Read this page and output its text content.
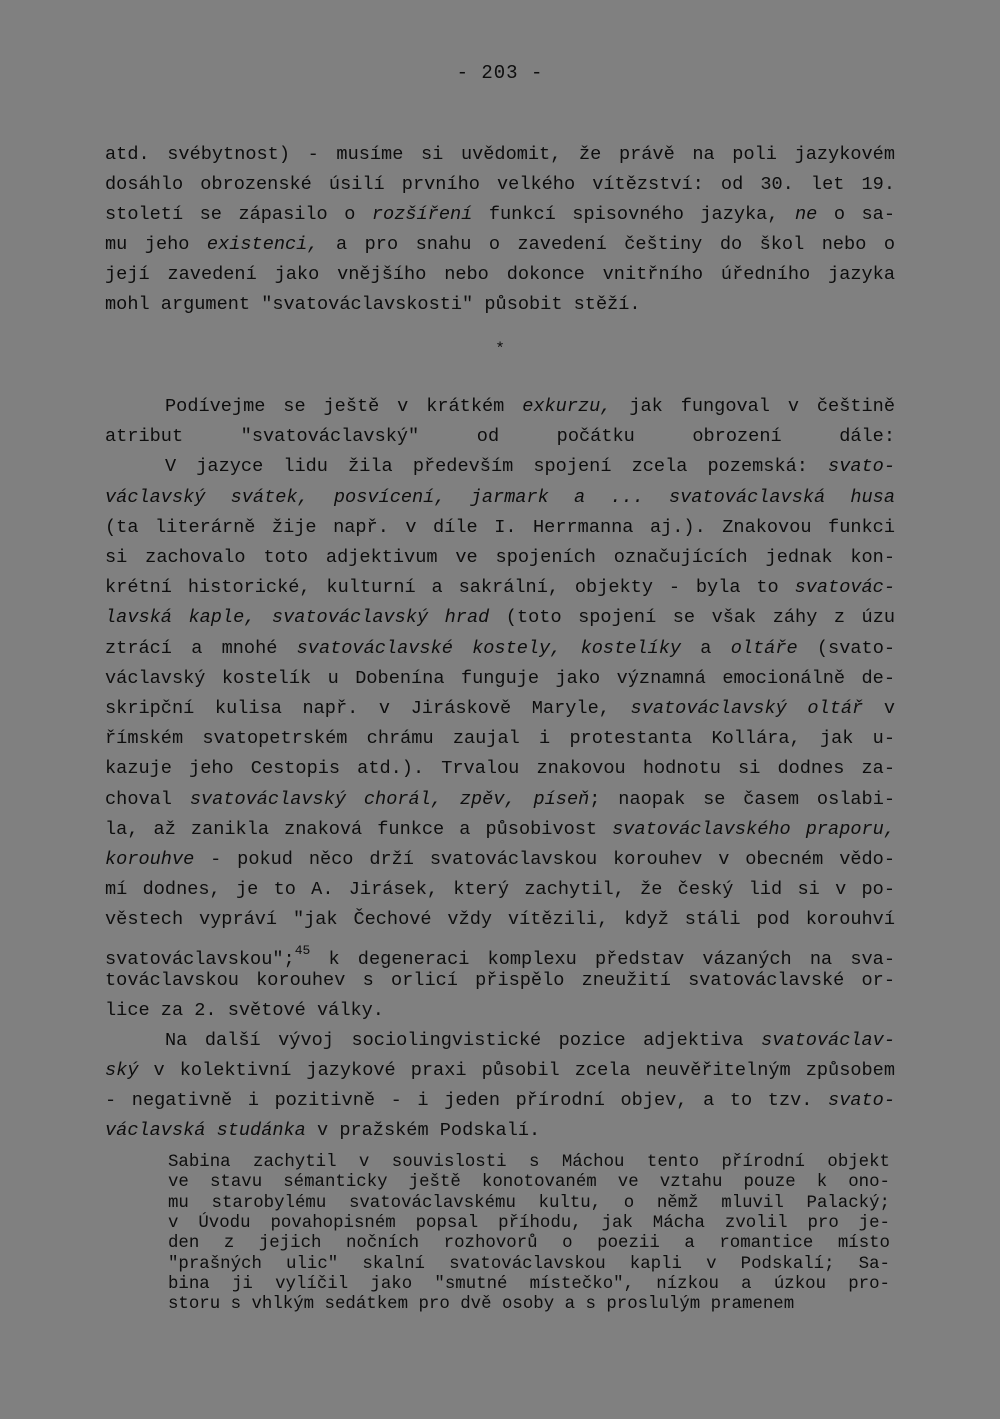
- 203 -
atd. svébytnost) - musíme si uvědomit, že právě na poli jazykovém
dosáhlo obrozenské úsilí prvního velkého vítězství: od 30. let 19.
století se zápasilo o rozšíření funkcí spisovného jazyka, ne o sa-
mu jeho existenci, a pro snahu o zavedení češtiny do škol nebo o
její zavedení jako vnějšího nebo dokonce vnitřního úředního jazyka
mohl argument "svatováclavskosti" působit stěží.
*
Podívejme se ještě v krátkém exkurzu, jak fungoval v češtině
atribut "svatováclavský" od počátku obrození dále:
V jazyce lidu žila především spojení zcela pozemská: svato-
václavský svátek, posvícení, jarmark a ... svatováclavská husa
(ta literárně žije např. v díle I. Herrmanna aj.). Znakovou funkci
si zachovalo toto adjektivum ve spojeních označujících jednak kon-
krétní historické, kulturní a sakrální, objekty - byla to svatovác-
lavská kaple, svatováclavský hrad (toto spojení se však záhy z úzu
ztrácí a mnohé svatováclavské kostely, kostelíky a oltáře (svato-
václavský kostelík u Dobenína funguje jako významná emocionálně de-
skripční kulisa např. v Jiráskově Maryle, svatováclavský oltář v
římském svatopetrském chrámu zaujal i protestanta Kollára, jak u-
kazuje jeho Cestopis atd.). Trvalou znakovou hodnotu si dodnes za-
choval svatováclavský chorál, zpěv, píseň; naopak se časem oslabi-
la, až zanikla znaková funkce a působivost svatováclavského praporu,
korouhve - pokud něco drží svatováclavskou korouhev v obecném vědo-
mí dodnes, je to A. Jirásek, který zachytil, že český lid si v po-
věstech vypráví "jak Čechové vždy vítězili, když stáli pod korouhví
svatováclavskou";$^{45}$ k degeneraci komplexu představ vázaných na sva-
továclavskou korouhev s orlicí přispělo zneužití svatováclavské or-
lice za 2. světové války.
Na další vývoj sociolingvistické pozice adjektiva svatováclav-
ský v kolektivní jazykové praxi působil zcela neuvěřitelným způsobem
- negativně i pozitivně - i jeden přírodní objev, a to tzv. svato-
václavská studánka v pražském Podskalí.
Sabina zachytil v souvislosti s Máchou tento přírodní objekt
ve stavu sémanticky ještě konotovaném ve vztahu pouze k ono-
mu starobylému svatováclavskému kultu, o němž mluvil Palacký;
v Úvodu povahopisném popsal příhodu, jak Mácha zvolil pro je-
den z jejich nočních rozhovorů o poezii a romantice místo
"prašných ulic" skalní svatováclavskou kapli v Podskalí; Sa-
bina ji vylíčil jako "smutné místečko", nízkou a úzkou pro-
storu s vhlkým sedátkem pro dvě osoby a s proslulým pramenem
